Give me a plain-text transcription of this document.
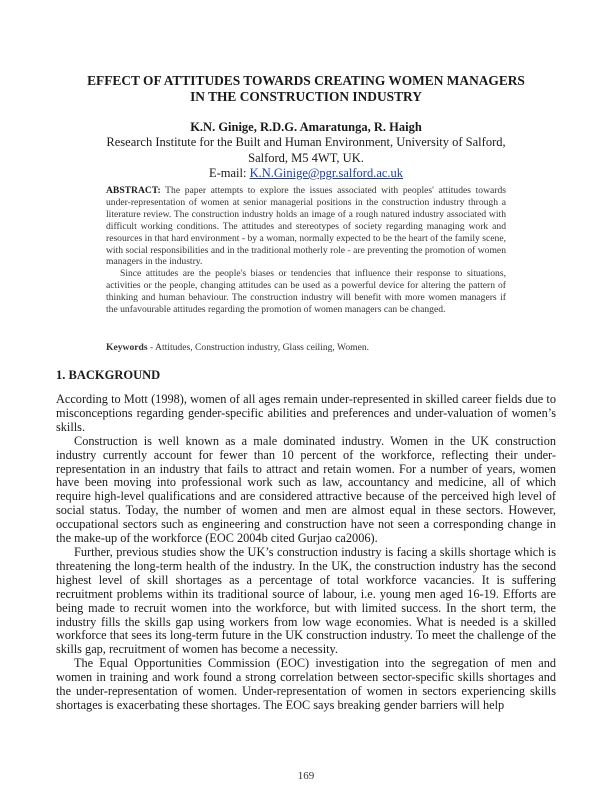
EFFECT OF ATTITUDES TOWARDS CREATING WOMEN MANAGERS
IN THE CONSTRUCTION INDUSTRY
K.N. Ginige, R.D.G. Amaratunga, R. Haigh
Research Institute for the Built and Human Environment, University of Salford,
Salford, M5 4WT, UK.
E-mail: K.N.Ginige@pgr.salford.ac.uk

ABSTRACT: The paper attempts to explore the issues associated with peoples' attitudes towards under-representation of women at senior managerial positions in the construction industry through a literature review. The construction industry holds an image of a rough natured industry associated with difficult working conditions. The attitudes and stereotypes of society regarding managing work and resources in that hard environment - by a woman, normally expected to be the heart of the family scene, with social responsibilities and in the traditional motherly role - are preventing the promotion of women managers in the industry.

Since attitudes are the people's biases or tendencies that influence their response to situations, activities or the people, changing attitudes can be used as a powerful device for altering the pattern of thinking and human behaviour. The construction industry will benefit with more women managers if the unfavourable attitudes regarding the promotion of women managers can be changed.

Keywords - Attitudes, Construction industry, Glass ceiling, Women.
1. BACKGROUND

According to Mott (1998), women of all ages remain under-represented in skilled career fields due to misconceptions regarding gender-specific abilities and preferences and under-valuation of women’s skills.

Construction is well known as a male dominated industry. Women in the UK construction industry currently account for fewer than 10 percent of the workforce, reflecting their under-representation in an industry that fails to attract and retain women. For a number of years, women have been moving into professional work such as law, accountancy and medicine, all of which require high-level qualifications and are considered attractive because of the perceived high level of social status. Today, the number of women and men are almost equal in these sectors. However, occupational sectors such as engineering and construction have not seen a corresponding change in the make-up of the workforce (EOC 2004b cited Gurjao ca2006).

Further, previous studies show the UK’s construction industry is facing a skills shortage which is threatening the long-term health of the industry. In the UK, the construction industry has the second highest level of skill shortages as a percentage of total workforce vacancies. It is suffering recruitment problems within its traditional source of labour, i.e. young men aged 16-19. Efforts are being made to recruit women into the workforce, but with limited success. In the short term, the industry fills the skills gap using workers from low wage economies. What is needed is a skilled workforce that sees its long-term future in the UK construction industry. To meet the challenge of the skills gap, recruitment of women has become a necessity.

The Equal Opportunities Commission (EOC) investigation into the segregation of men and women in training and work found a strong correlation between sector-specific skills shortages and the under-representation of women. Under-representation of women in sectors experiencing skills shortages is exacerbating these shortages. The EOC says breaking gender barriers will help

169
